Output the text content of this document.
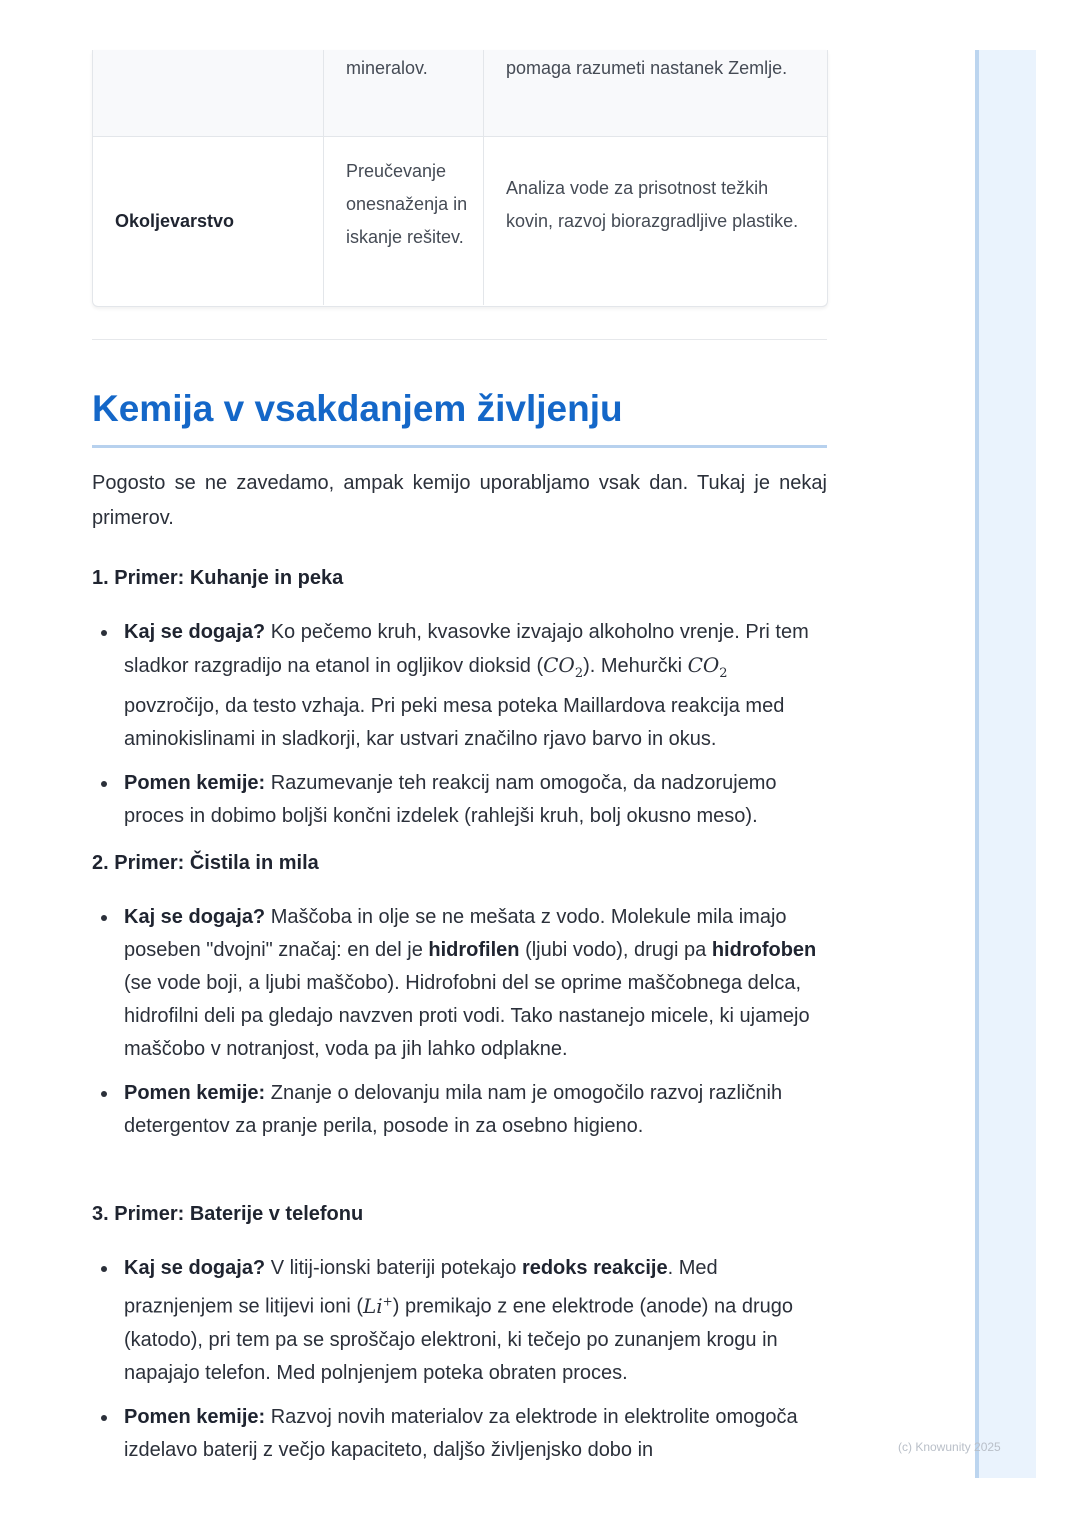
(c) Knowunity 2025
mineralov.	pomaga razumeti nastanek Zemlje.
Okoljevarstvo
Preučevanje onesnaženja in iskanje rešitev.
Analiza vode za prisotnost težkih kovin, razvoj biorazgradljive plastike.
Kemija v vsakdanjem življenju

Pogosto se ne zavedamo, ampak kemijo uporabljamo vsak dan. Tukaj je nekaj primerov.

1. Primer: Kuhanje in peka
Kaj se dogaja? Ko pečemo kruh, kvasovke izvajajo alkoholno vrenje. Pri tem sladkor razgradijo na etanol in ogljikov dioksid $(CO_2)$. Mehurčki $CO_2$ povzročijo, da testo vzhaja. Pri peki mesa poteka Maillardova reakcija med aminokislinami in sladkorji, kar ustvari značilno rjavo barvo in okus.
Pomen kemije: Razumevanje teh reakcij nam omogoča, da nadzorujemo proces in dobimo boljši končni izdelek (rahlejši kruh, bolj okusno meso).
2. Primer: Čistila in mila
Kaj se dogaja? Maščoba in olje se ne mešata z vodo. Molekule mila imajo poseben "dvojni" značaj: en del je hidrofilen (ljubi vodo), drugi pa hidrofoben (se vode boji, a ljubi maščobo). Hidrofobni del se oprime maščobnega delca, hidrofilni deli pa gledajo navzven proti vodi. Tako nastanejo micele, ki ujamejo maščobo v notranjost, voda pa jih lahko odplakne.
Pomen kemije: Znanje o delovanju mila nam je omogočilo razvoj različnih detergentov za pranje perila, posode in za osebno higieno.
3. Primer: Baterije v telefonu
Kaj se dogaja? V litij-ionski bateriji potekajo redoks reakcije. Med praznjenjem se litijevi ioni (Li+) premikajo z ene elektrode (anode) na drugo (katodo), pri tem pa se sproščajo elektroni, ki tečejo po zunanjem krogu in napajajo telefon. Med polnjenjem poteka obraten proces.
Pomen kemije: Razvoj novih materialov za elektrode in elektrolite omogoča izdelavo baterij z večjo kapaciteto, daljšo življenjsko dobo in
